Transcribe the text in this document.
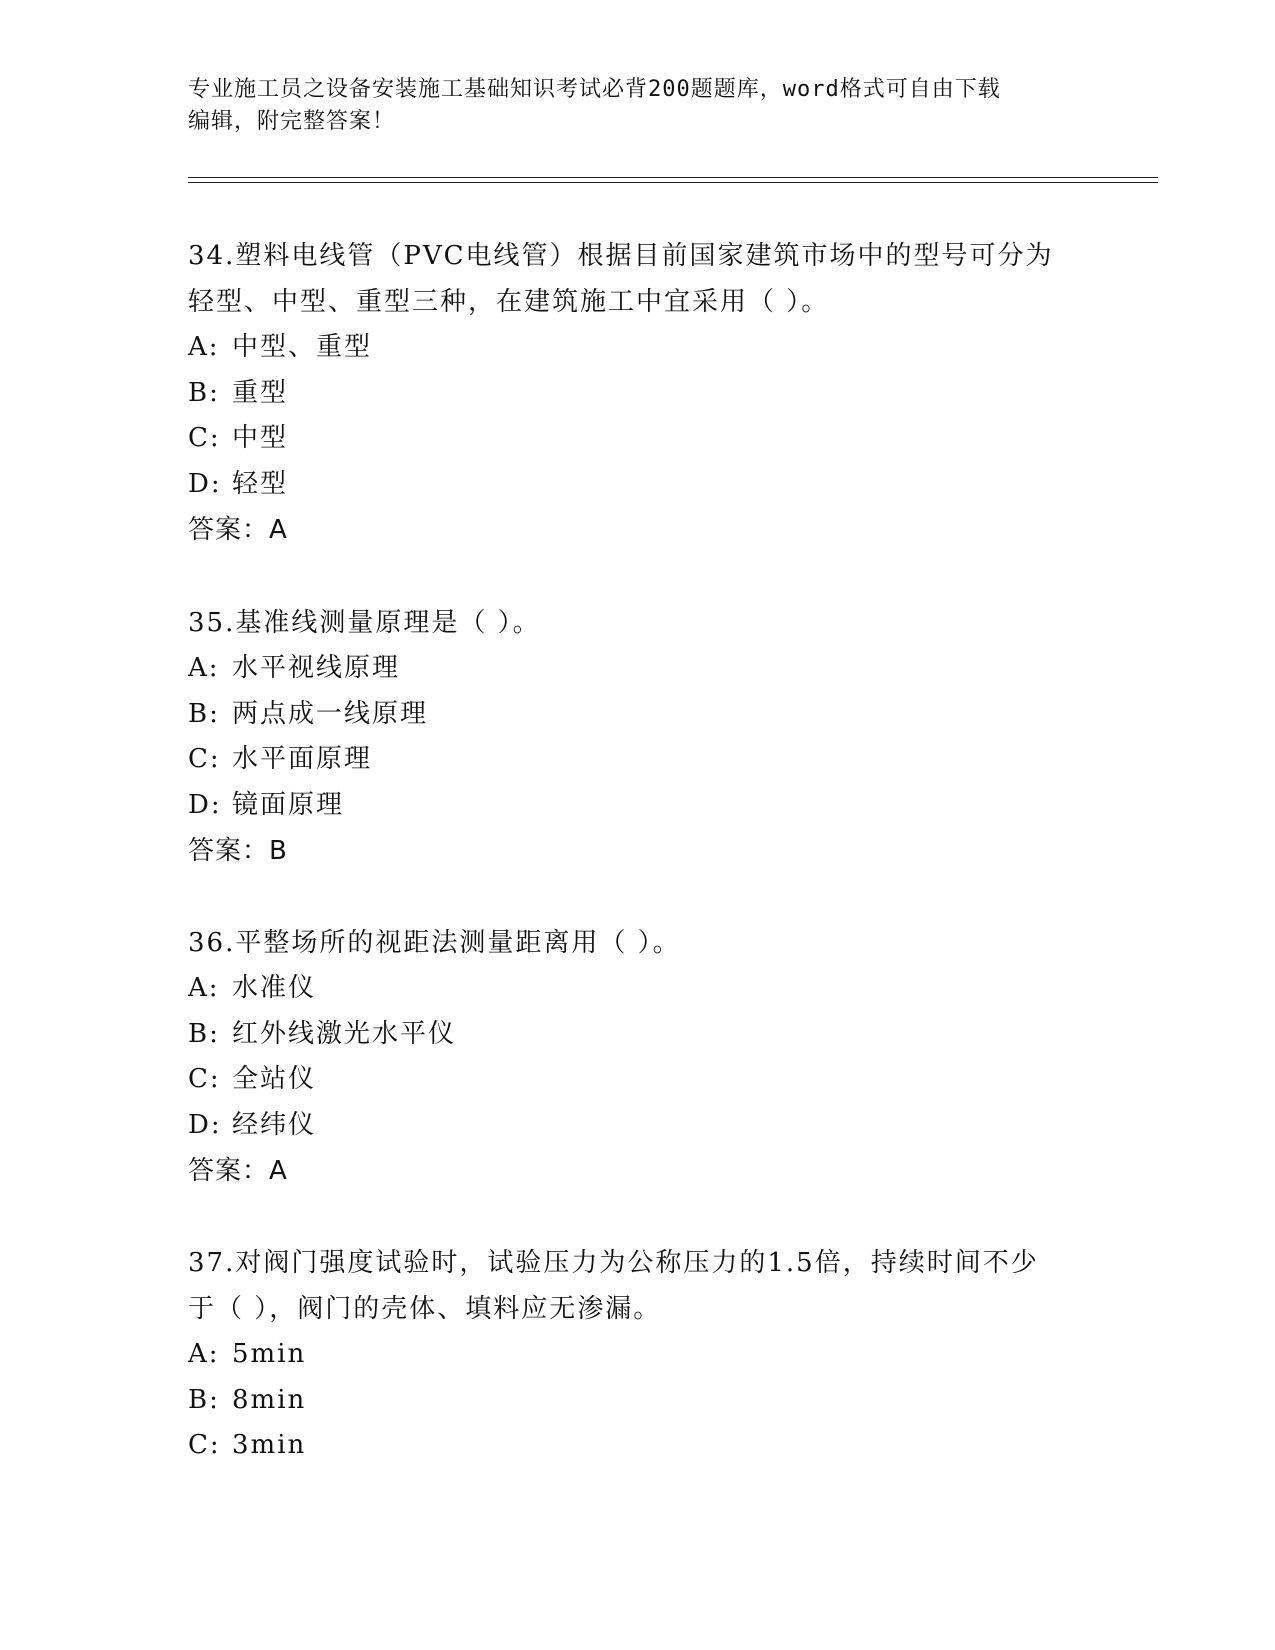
专业施工员之设备安装施工基础知识考试必背200题题库，word格式可自由下载
编辑，附完整答案！

34.塑料电线管（PVC电线管）根据目前国家建筑市场中的型号可分为

轻型、中型、重型三种，在建筑施工中宜采用（ ）。

A: 中型、重型

B: 重型

C: 中型

D: 轻型

答案：A

35.基准线测量原理是（ ）。

A: 水平视线原理

B: 两点成一线原理

C: 水平面原理

D: 镜面原理

答案：B

36.平整场所的视距法测量距离用（ ）。

A: 水准仪

B: 红外线激光水平仪

C: 全站仪

D: 经纬仪

答案：A

37.对阀门强度试验时，试验压力为公称压力的1.5倍，持续时间不少

于（ ），阀门的壳体、填料应无渗漏。

A: 5min

B: 8min

C: 3min
